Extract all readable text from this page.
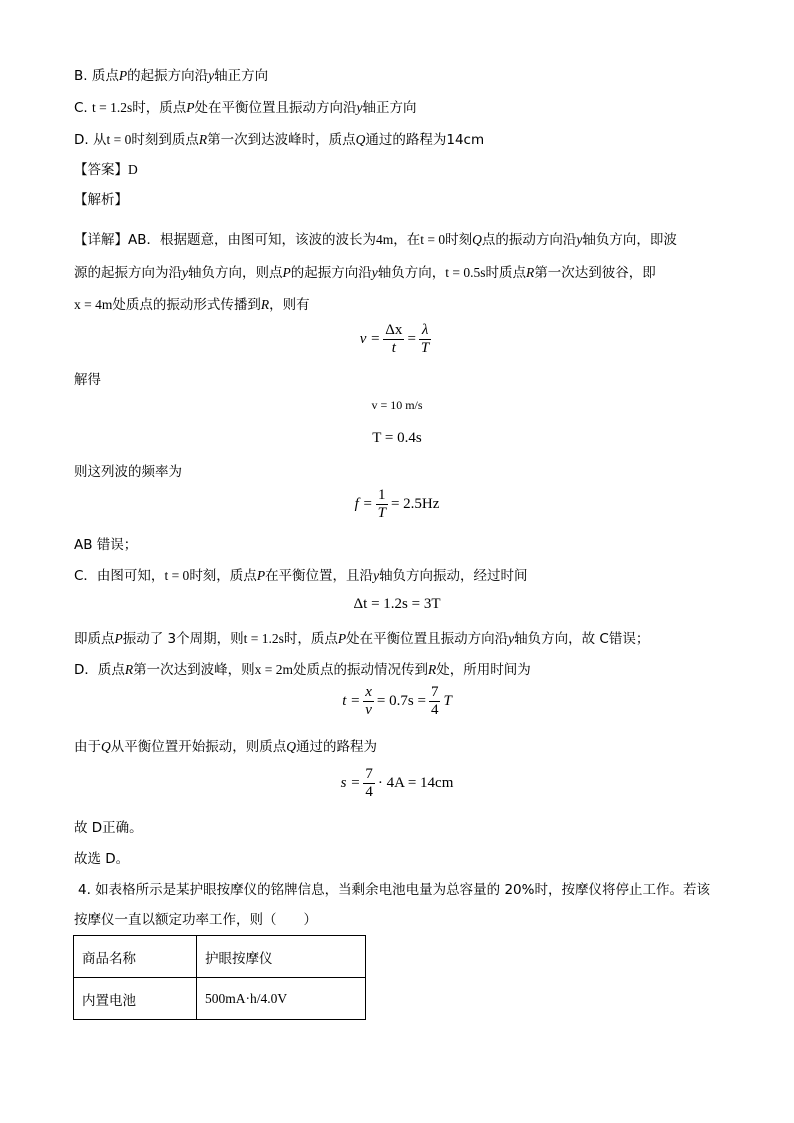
B. 质点P的起振方向沿y轴正方向
C. t = 1.2s时，质点P处在平衡位置且振动方向沿y轴正方向
D. 从t = 0时刻到质点R第一次到达波峰时，质点Q通过的路程为14cm
【答案】D
【解析】
【详解】AB．根据题意，由图可知，该波的波长为4m，在t = 0时刻Q点的振动方向沿y轴负方向，即波
源的起振方向为沿y轴负方向，则点P的起振方向沿y轴负方向，t = 0.5s时质点R第一次达到彼谷，即
x = 4m处质点的振动形式传播到R，则有
$v = \frac{\Delta x}{t} = \frac{\lambda}{T}$
解得
v = 10 m/s
T = 0.4s
则这列波的频率为
$f = \frac{1}{T} = 2.5Hz$
AB 错误；
C．由图可知，t = 0时刻，质点P在平衡位置，且沿y轴负方向振动，经过时间
Δt = 1.2s = 3T
即质点P振动了 3个周期，则t = 1.2s时，质点P处在平衡位置且振动方向沿y轴负方向，故 C错误；
D．质点R第一次达到波峰，则x = 2m处质点的振动情况传到R处，所用时间为
$t = \frac{x}{v} = 0.7s = \frac{7}{4}$ T
由于Q从平衡位置开始振动，则质点Q通过的路程为
$s = \frac{7}{4} \cdot 4A = 14cm$
故 D正确。
故选 D。
4. 如表格所示是某护眼按摩仪的铭牌信息，当剩余电池电量为总容量的 20%时，按摩仪将停止工作。若该
按摩仪一直以额定功率工作，则（　　）
商品名称	护眼按摩仪
内置电池	500mA·h/4.0V
